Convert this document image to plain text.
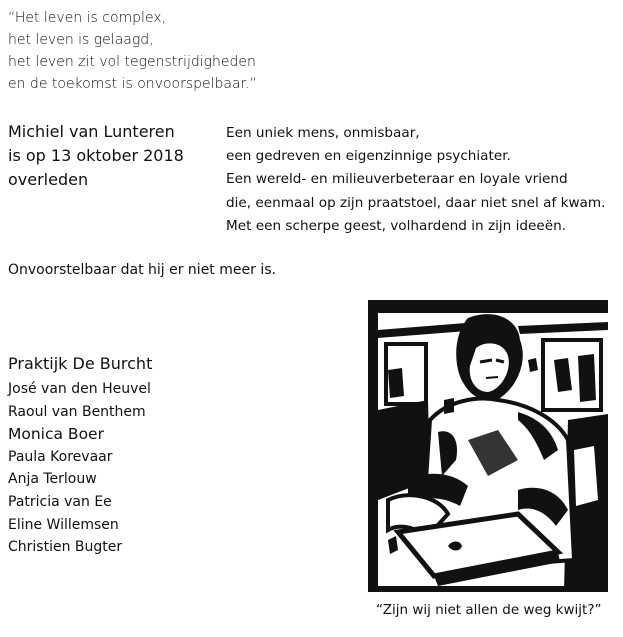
“Het leven is complex,
het leven is gelaagd,
het leven zit vol tegenstrijdigheden
en de toekomst is onvoorspelbaar.”
Michiel van Lunteren
is op 13 oktober 2018
overleden
Een uniek mens, onmisbaar,
een gedreven en eigenzinnige psychiater.
Een wereld- en milieuverbeteraar en loyale vriend
die, eenmaal op zijn praatstoel, daar niet snel af kwam.
Met een scherpe geest, volhardend in zijn ideeën.
Onvoorstelbaar dat hij er niet meer is.
Praktijk De Burcht
José van den Heuvel
Raoul van Benthem
Monica Boer
Paula Korevaar
Anja Terlouw
Patricia van Ee
Eline Willemsen
Christien Bugter
“Zijn wij niet allen de weg kwijt?”
